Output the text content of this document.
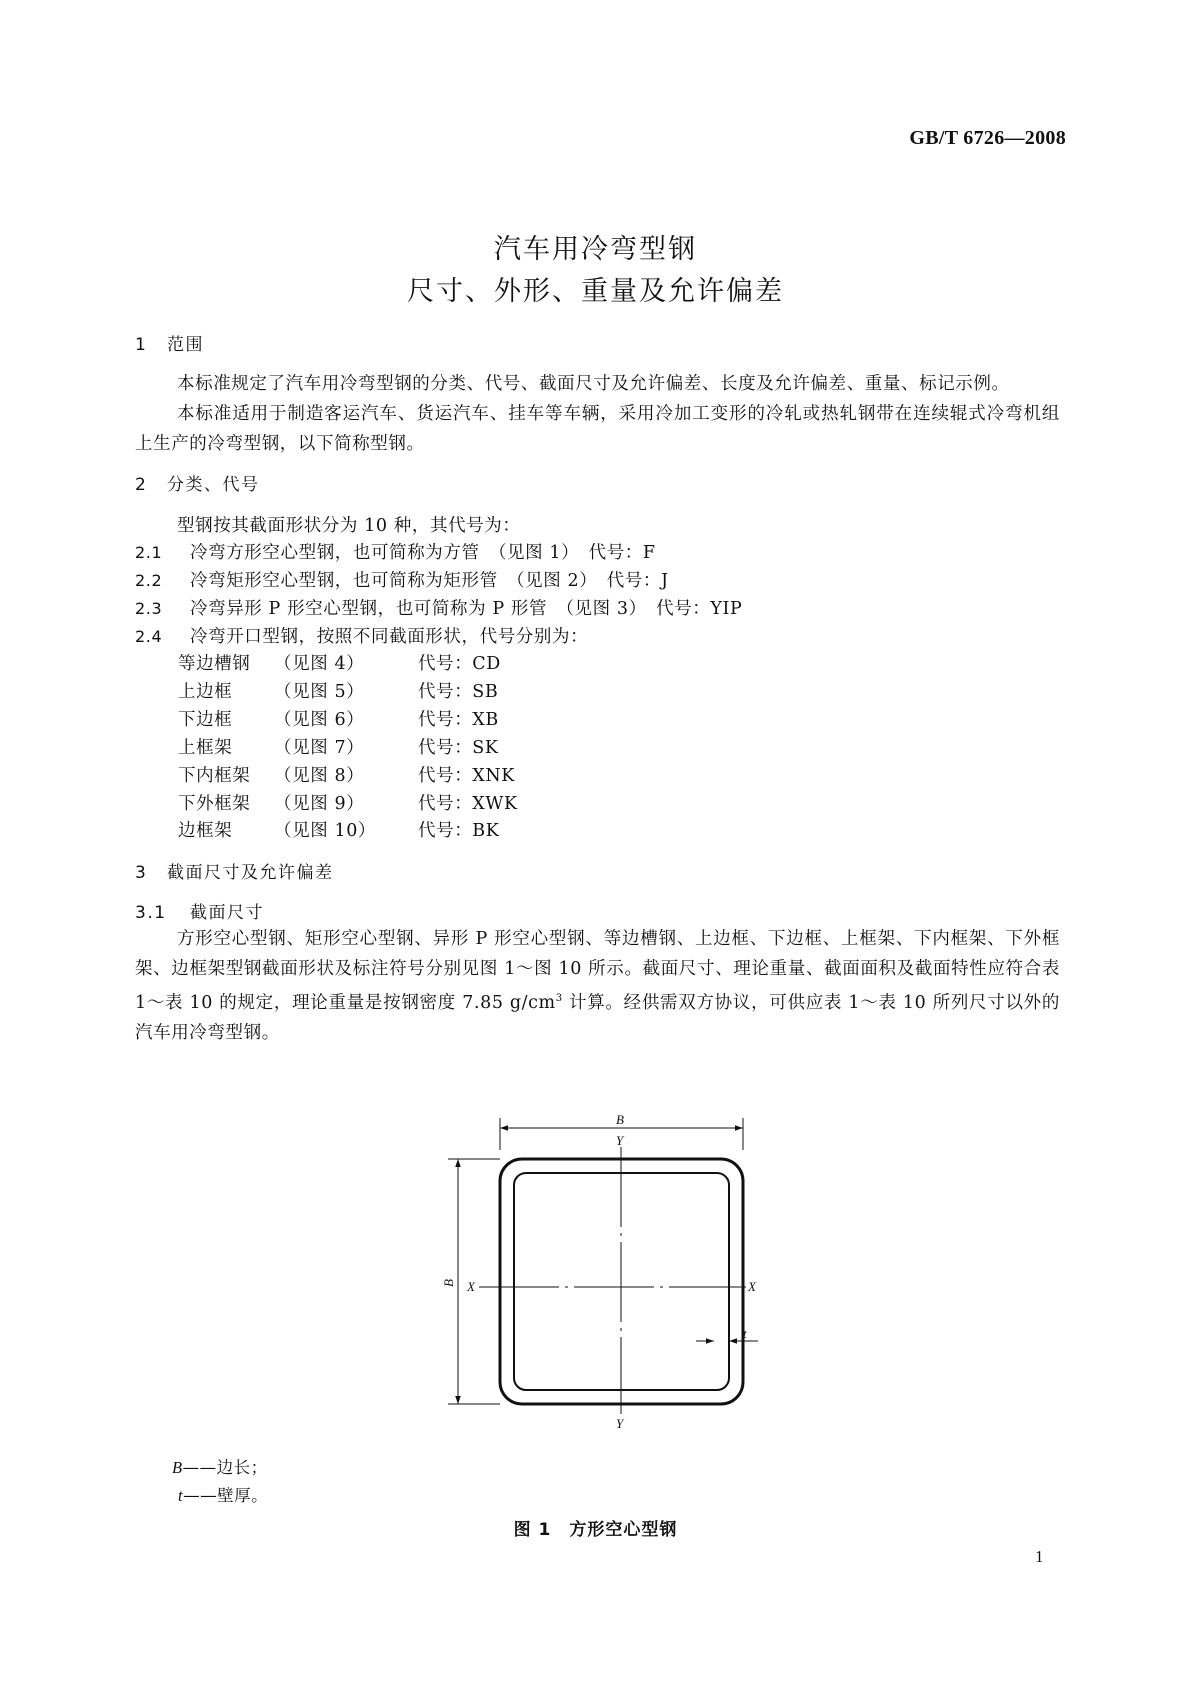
GB/T 6726—2008
汽车用冷弯型钢
尺寸、外形、重量及允许偏差
1 范围
本标准规定了汽车用冷弯型钢的分类、代号、截面尺寸及允许偏差、长度及允许偏差、重量、标记示例。
本标准适用于制造客运汽车、货运汽车、挂车等车辆，采用冷加工变形的冷轧或热轧钢带在连续辊式冷弯机组上生产的冷弯型钢，以下简称型钢。
2 分类、代号
型钢按其截面形状分为 10 种，其代号为：
2.1 冷弯方形空心型钢，也可简称为方管　（见图 1）　代号：F
2.2 冷弯矩形空心型钢，也可简称为矩形管　（见图 2）　代号：J
2.3 冷弯异形 P 形空心型钢，也可简称为 P 形管　（见图 3）　代号：YIP
2.4 冷弯开口型钢，按照不同截面形状，代号分别为：
等边槽钢 （见图 4）	代号：CD
上边框 （见图 5）	代号：SB
下边框 （见图 6）	代号：XB
上框架 （见图 7）	代号：SK
下内框架 （见图 8）	代号：XNK
下外框架 （见图 9）	代号：XWK
边框架 （见图 10） 代号：BK
3 截面尺寸及允许偏差
3.1 截面尺寸
方形空心型钢、矩形空心型钢、异形 P 形空心型钢、等边槽钢、上边框、下边框、上框架、下内框架、下外框架、边框架型钢截面形状及标注符号分别见图 1～图 10 所示。截面尺寸、理论重量、截面面积及截面特性应符合表 1～表 10 的规定，理论重量是按钢密度 7.85 $g/cm^3$ 计算。经供需双方协议，可供应表 1～表 10 所列尺寸以外的汽车用冷弯型钢。
B
Y
Y
X	X
t
B
B——边长；
t——壁厚。
图 1　方形空心型钢
1
